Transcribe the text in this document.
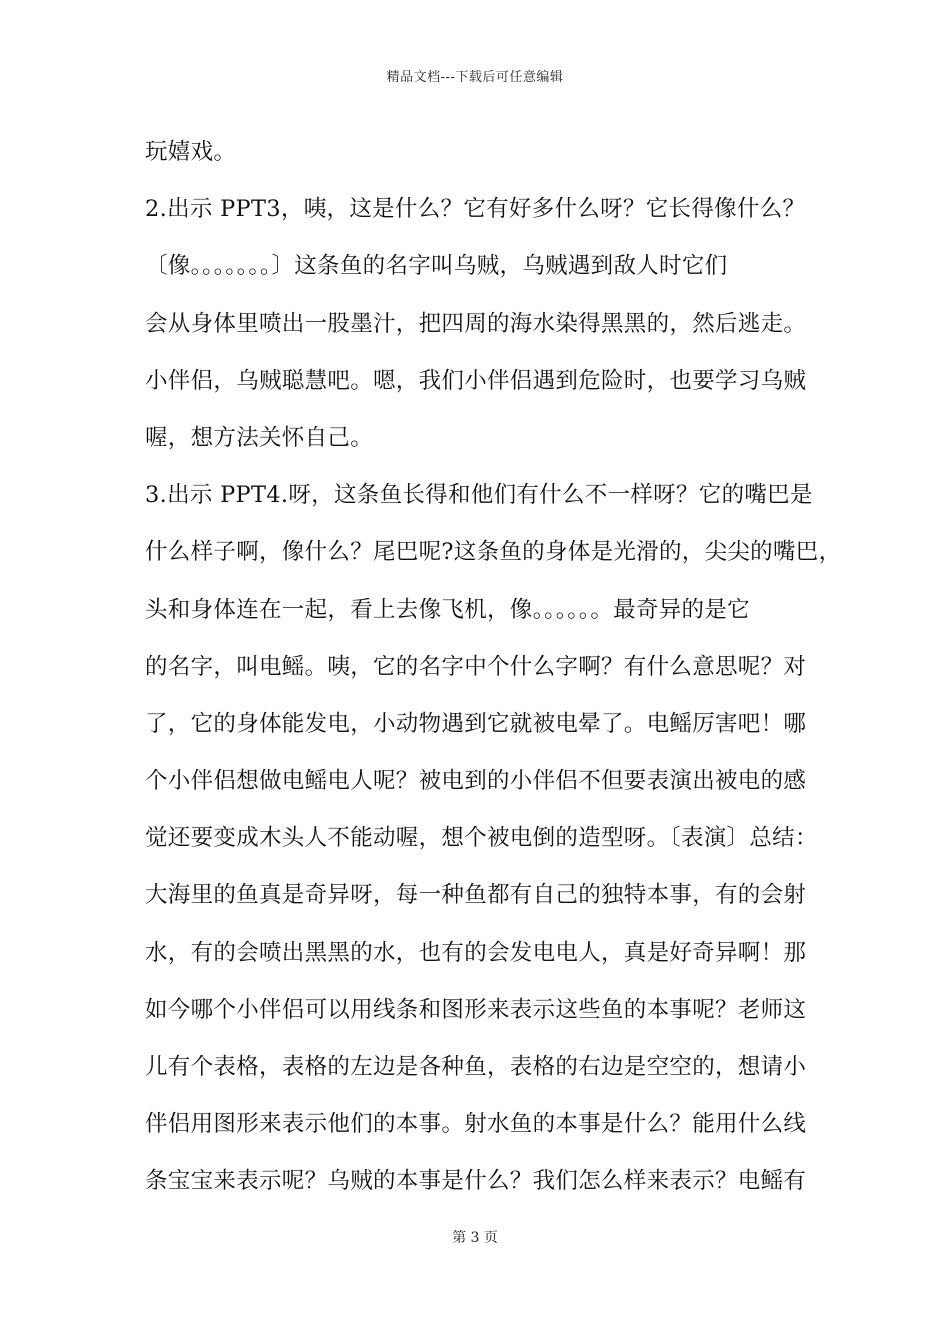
精品文档---下载后可任意编辑
玩嬉戏。
2.出示 PPT3，咦，这是什么？它有好多什么呀？它长得像什么？
〔像。。。。。。。〕这条鱼的名字叫乌贼，乌贼遇到敌人时它们
会从身体里喷出一股墨汁，把四周的海水染得黑黑的，然后逃走。
小伴侣，乌贼聪慧吧。嗯，我们小伴侣遇到危险时，也要学习乌贼
喔，想方法关怀自己。
3.出示 PPT4.呀，这条鱼长得和他们有什么不一样呀？它的嘴巴是
什么样子啊，像什么？尾巴呢?这条鱼的身体是光滑的，尖尖的嘴巴，
头和身体连在一起，看上去像飞机，像。。。。。。最奇异的是它
的名字，叫电鳐。咦，它的名字中个什么字啊？有什么意思呢？对
了，它的身体能发电，小动物遇到它就被电晕了。电鳐厉害吧！哪
个小伴侣想做电鳐电人呢？被电到的小伴侣不但要表演出被电的感
觉还要变成木头人不能动喔，想个被电倒的造型呀。〔表演〕总结：
大海里的鱼真是奇异呀，每一种鱼都有自己的独特本事，有的会射
水，有的会喷出黑黑的水，也有的会发电电人，真是好奇异啊！那
如今哪个小伴侣可以用线条和图形来表示这些鱼的本事呢？老师这
儿有个表格，表格的左边是各种鱼，表格的右边是空空的，想请小
伴侣用图形来表示他们的本事。射水鱼的本事是什么？能用什么线
条宝宝来表示呢？乌贼的本事是什么？我们怎么样来表示？电鳐有
第 3 页
